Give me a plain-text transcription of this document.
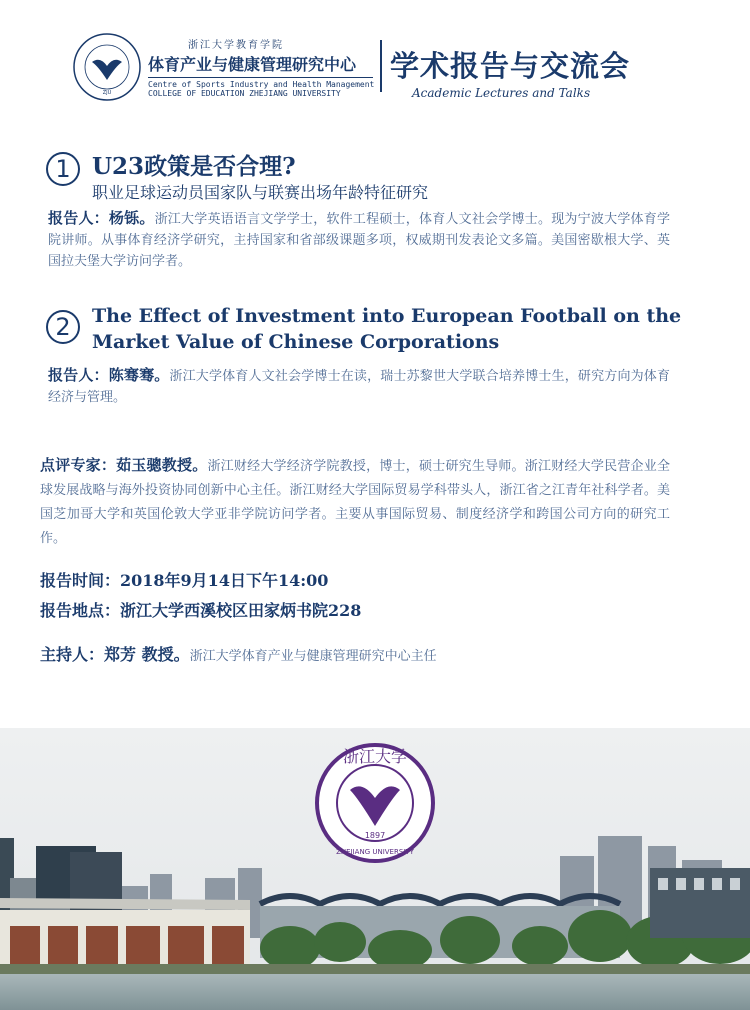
ZJU
浙江大学教育学院
体育产业与健康管理研究中心
Centre of Sports Industry and Health Management
COLLEGE OF EDUCATION ZHEJIANG UNIVERSITY
学术报告与交流会
Academic Lectures and Talks
1 U23政策是否合理?
职业足球运动员国家队与联赛出场年龄特征研究
报告人：杨铄。浙江大学英语语言文学学士，软件工程硕士，体育人文社会学博士。现为宁波大学体育学院讲师。从事体育经济学研究，主持国家和省部级课题多项，权威期刊发表论文多篇。美国密歇根大学、英国拉夫堡大学访问学者。
2	The Effect of Investment into European Football on the Market Value of Chinese Corporations
报告人：陈骞骞。浙江大学体育人文社会学博士在读，瑞士苏黎世大学联合培养博士生，研究方向为体育经济与管理。
点评专家：茹玉骢教授。浙江财经大学经济学院教授，博士，硕士研究生导师。浙江财经大学民营企业全球发展战略与海外投资协同创新中心主任。浙江财经大学国际贸易学科带头人，浙江省之江青年社科学者。美国芝加哥大学和英国伦敦大学亚非学院访问学者。主要从事国际贸易、制度经济学和跨国公司方向的研究工作。
报告时间：2018年9月14日下午14:00
报告地点：浙江大学西溪校区田家炳书院228
主持人：郑芳 教授。浙江大学体育产业与健康管理研究中心主任
浙江大学
1897
ZHEJIANG UNIVERSITY
